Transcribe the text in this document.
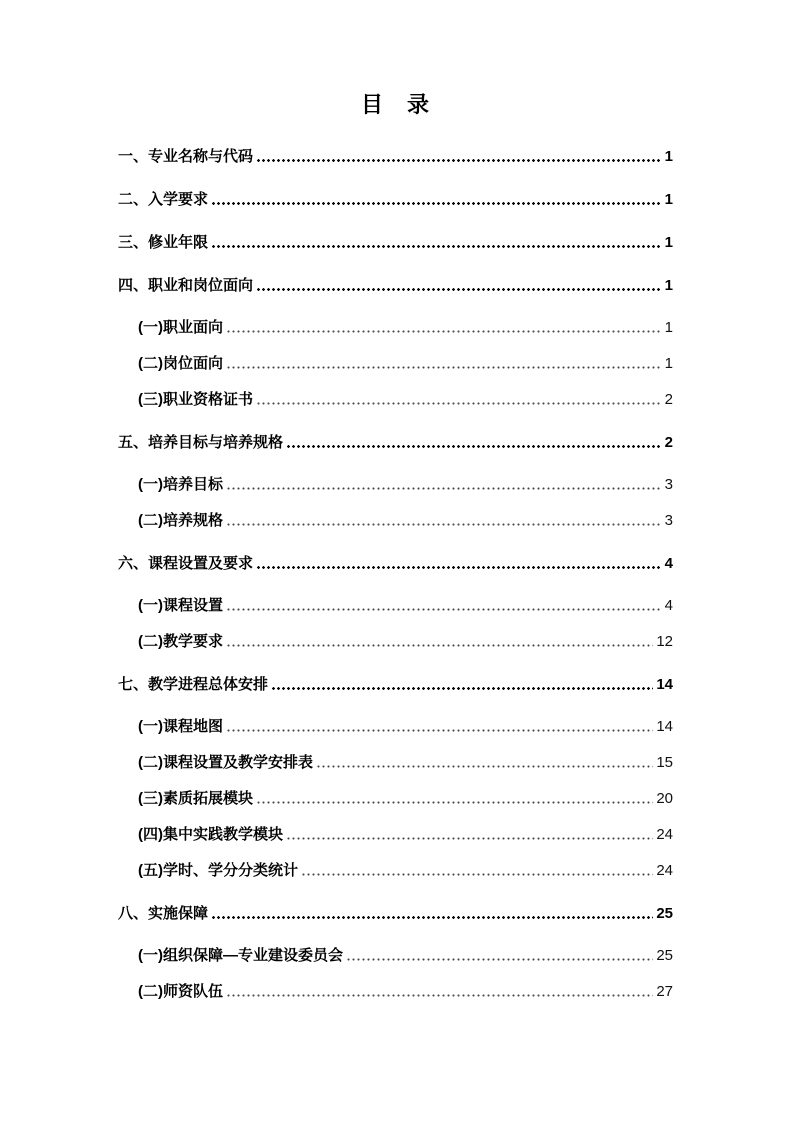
目　录
一、专业名称与代码	1
二、入学要求	1
三、修业年限	1
四、职业和岗位面向	1
(一)职业面向	1
(二)岗位面向	1
(三)职业资格证书	2
五、培养目标与培养规格	2
(一)培养目标	3
(二)培养规格	3
六、课程设置及要求	4
(一)课程设置	4
(二)教学要求	12
七、教学进程总体安排	14
(一)课程地图	14
(二)课程设置及教学安排表	15
(三)素质拓展模块	20
(四)集中实践教学模块	24
(五)学时、学分分类统计	24
八、实施保障	25
(一)组织保障—专业建设委员会	25
(二)师资队伍	27
